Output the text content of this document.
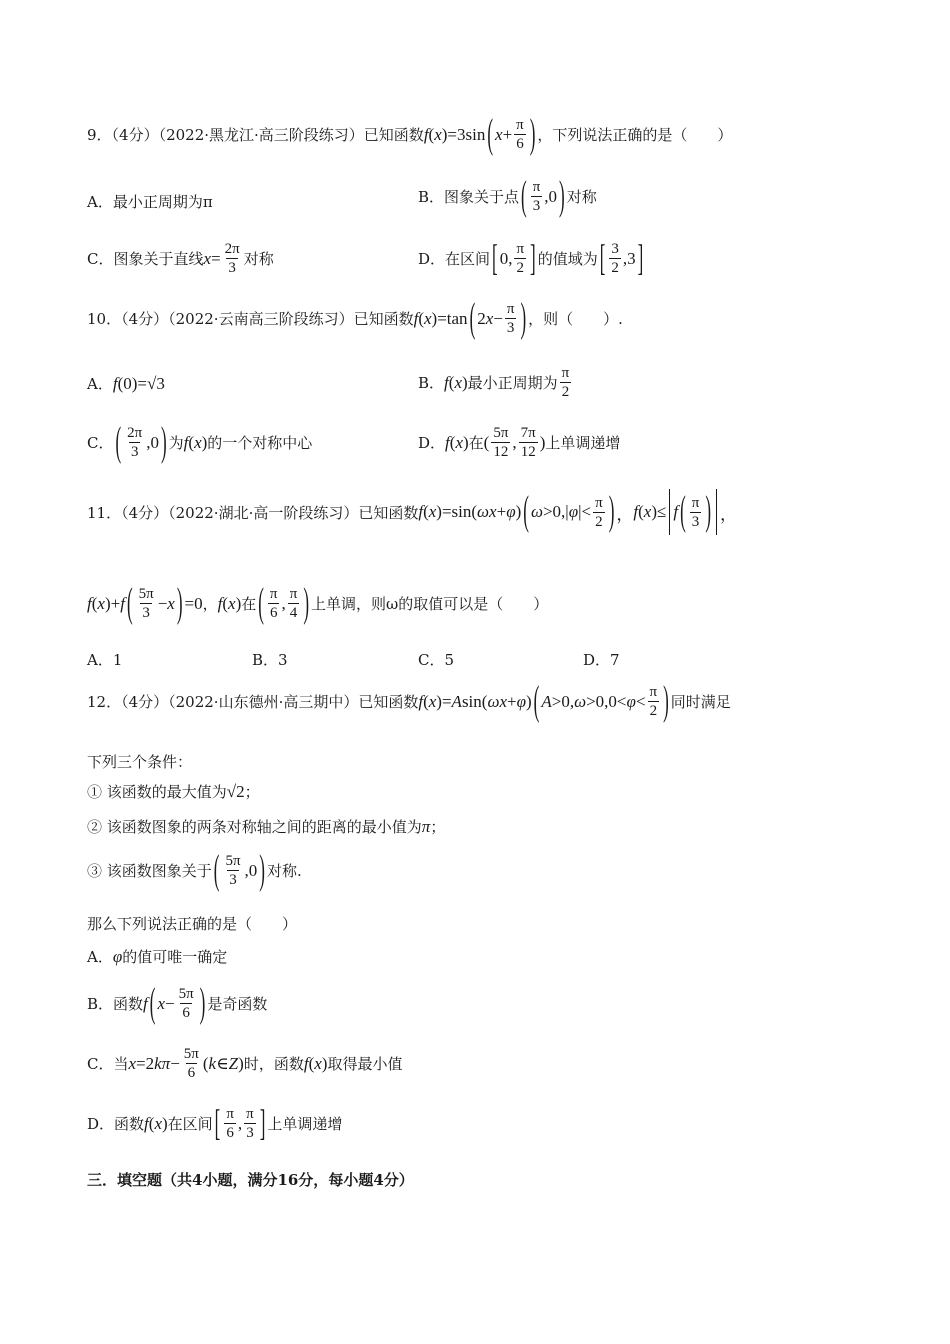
9．（4分）（2022·黑龙江·高三阶段练习）已知函数 f ( x )=3sin ( $x + \frac{\pi}{6}$ ) ，下列说法正确的是（　　）
A．最小正周期为π	B．图象关于点 ( $\frac{\pi}{3} ,0$ ) 对称
C．图象关于直线 $x = \frac{2\pi}{3}$ 对称	D．在区间 [ 0, $\frac{\pi}{2}$ ] 的值域为 [ $\frac{3}{2} ,3$ ]
10．（4分）（2022·云南高三阶段练习）已知函数 f ( x )=tan ( 2 $x - \frac{\pi}{3}$ ) ，则（　　）.
A． f (0)=√3	B． f ( x ) 最小正周期为 $\frac{\pi}{2}$
C． ( $\frac{2\pi}{3} ,0$ ) 为 f ( x ) 的一个对称中心	D． f ( x ) 在 ( $\frac{5\pi}{12}$ , $\frac{7\pi}{12}$ ) 上单调递增
11．（4分）（2022·湖北·高一阶段练习）已知函数 f ( x )=sin( ωx + φ ) ( ω >0,| φ |< $\frac{\pi}{2}$ ) ， f ( x )≤ f ( $\frac{\pi}{3}$ ) ，
f ( x )+ f ( $\frac{5\pi}{3} - x$ ) =0 ， f ( x ) 在 ( $\frac{\pi}{6}$ , $\frac{\pi}{4}$ ) 上单调，则ω的取值可以是（　　）
A．1	B．3	C．5	D．7
12．（4分）（2022·山东德州·高三期中）已知函数 f ( x )= A sin( ωx + φ ) ( A >0, $\omega >0,0< \varphi < \frac{\pi}{2}$ ) 同时满足
下列三个条件：
① 该函数的最大值为 √2 ；
② 该函数图象的两条对称轴之间的距离的最小值为 π ；
③ 该函数图象关于 ( $\frac{5\pi}{3} ,0$ ) 对称.
那么下列说法正确的是（　　）
A． φ 的值可唯一确定
B．函数 f ( $x - \frac{5\pi}{6}$ ) 是奇函数
C．当 x =2 $k\pi - \frac{5\pi}{6}$ ( k ∈ Z ) 时，函数 f ( x ) 取得最小值
D．函数 f ( x ) 在区间 [ $\frac{\pi}{6}$ , $\frac{\pi}{3}$ ] 上单调递增
三．填空题（共4小题，满分16分，每小题4分）
